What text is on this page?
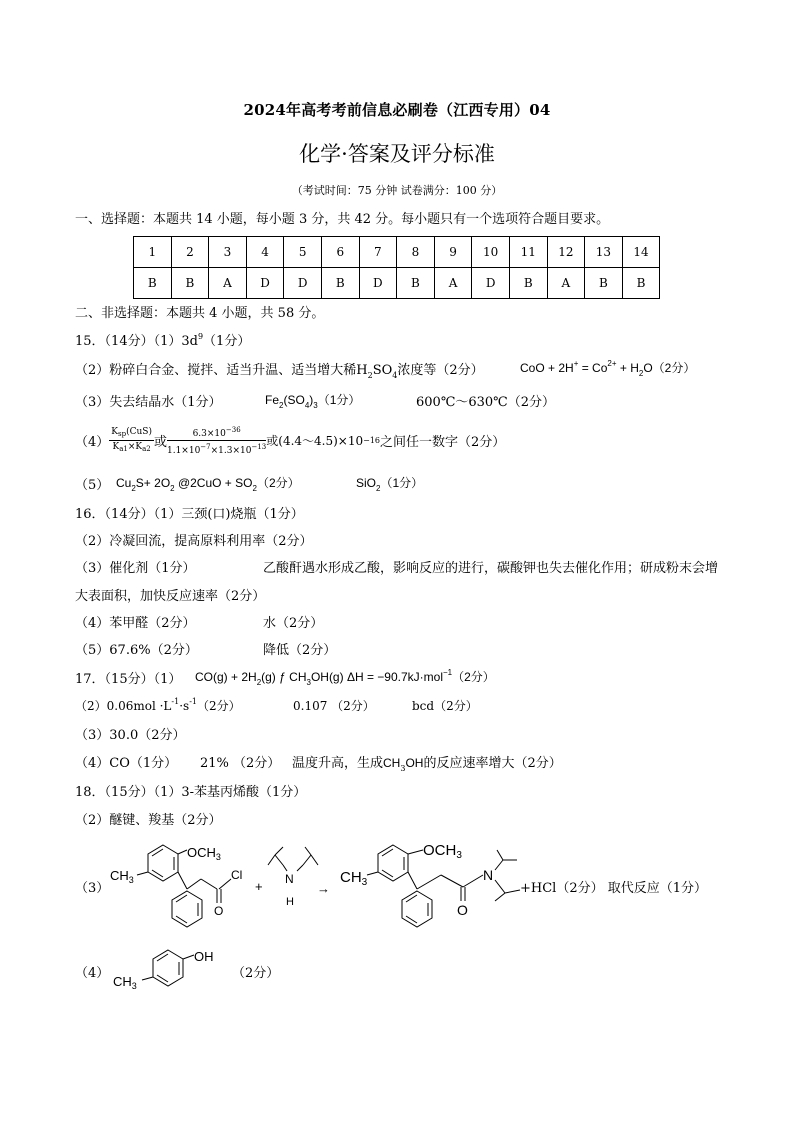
2024年高考考前信息必刷卷（江西专用）04
化学·答案及评分标准
（考试时间：75 分钟 试卷满分：100 分）
一、选择题：本题共 14 小题，每小题 3 分，共 42 分。每小题只有一个选项符合题目要求。
1	2	3	4	5	6	7	8	9	10	11	12	13	14
B	B	A	D	D	B	D	B	A	D	B	A	B	B
二、非选择题：本题共 4 小题，共 58 分。
15．（14分）$(1)3d^9(1$分）
（2）粉碎白合金、搅拌、适当升温、适当增大稀$H_2SO_4$浓度等（2分）	CoO + $2H^+ = Co^{2+} + H_2O(2$分）
（3）失去结晶水（1分）	$Fe_2(SO_4)_3(1$分）	600℃～630℃（2分）
$(4) \frac{K_{sp}(CuS)}{K_{a1}\times K_{a2}}$ 或 $\frac{6.3\times 10^{-36}}{1.1\times 10^{-7}\times 1.3\times 10^{-13}}$ 或(4.4～4.5)×10 −16 之间任一数字（2分）
（5） $Cu_2S+ 2O_2$ @2CuO + $SO_2(2$分）	SiO$_2$（1分）
16．（14分）（1）三颈(口)烧瓶（1分）
（2）冷凝回流，提高原料利用率（2分）
（3）催化剂（1分）	乙酸酐遇水形成乙酸，影响反应的进行，碳酸钾也失去催化作用；研成粉末会增
大表面积，加快反应速率（2分）
（4）苯甲醛（2分）	水（2分）
（5）67.6%（2分）	降低（2分）
17．（15分）（1） $CO(g) + 2H_2(g)$ ƒ $CH_3OH(g) \Delta H = -90.7kJ\cdot mol^{-1}(2$分）
$(2)0.06mol \cdot L^{-1}\cdot s^{-1}(2$分）	0.107 （2分）	bcd（2分）
（3）30.0（2分）
（4）CO（1分） 21% （2分） 温度升高，生成$CH_3OH$的反应速率增大（2分）
18．（15分）（1）3-苯基丙烯酸（1分）
（2）醚键、羧基（2分）
（3）
$OCH_3$
$CH_3$
O
Cl
+ N
H
→
$OCH_3$
$CH_3$
O
N
+HCl（2分） 取代反应（1分）
（4）
OH
$CH_3$
（2分）
